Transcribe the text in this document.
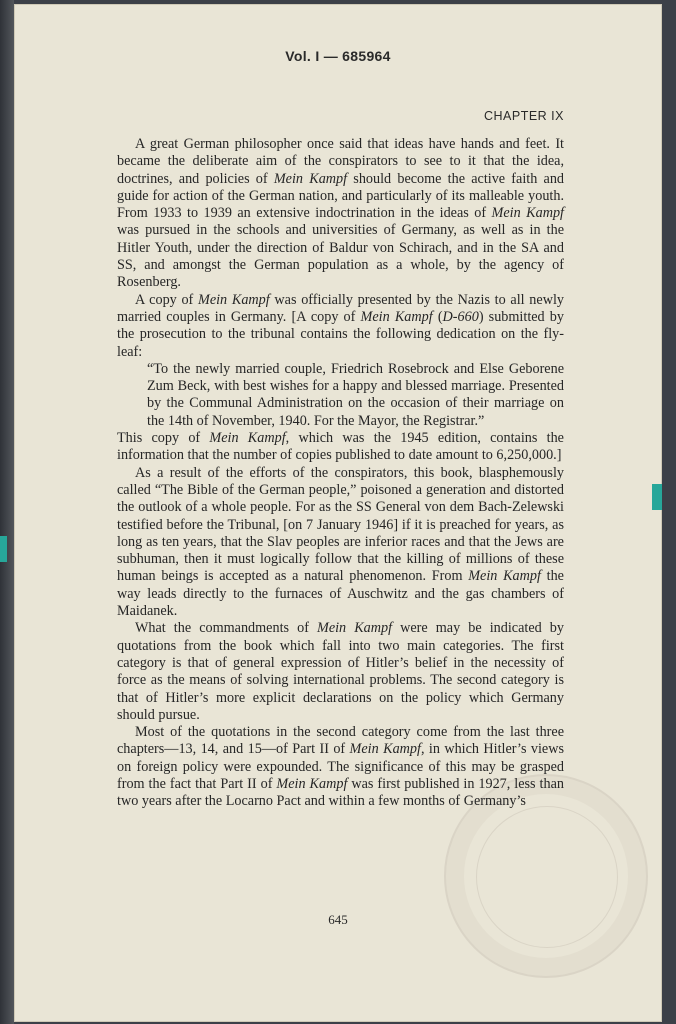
Vol. I — 685964
CHAPTER IX

A great German philosopher once said that ideas have hands and feet. It became the deliberate aim of the conspirators to see to it that the idea, doctrines, and policies of Mein Kampf should become the active faith and guide for action of the German nation, and particularly of its malleable youth. From 1933 to 1939 an extensive indoctrination in the ideas of Mein Kampf was pursued in the schools and universities of Germany, as well as in the Hitler Youth, under the direction of Baldur von Schirach, and in the SA and SS, and amongst the German population as a whole, by the agency of Rosenberg.

A copy of Mein Kampf was officially presented by the Nazis to all newly married couples in Germany. [A copy of Mein Kampf (D-660) submitted by the prosecution to the tribunal contains the following dedication on the fly-leaf:

“To the newly married couple, Friedrich Rosebrock and Else Geborene Zum Beck, with best wishes for a happy and blessed marriage. Presented by the Communal Administration on the occasion of their marriage on the 14th of November, 1940. For the Mayor, the Registrar.”

This copy of Mein Kampf, which was the 1945 edition, contains the information that the number of copies published to date amount to 6,250,000.]

As a result of the efforts of the conspirators, this book, blasphemously called “The Bible of the German people,” poisoned a generation and distorted the outlook of a whole people. For as the SS General von dem Bach-Zelewski testified before the Tribunal, [on 7 January 1946] if it is preached for years, as long as ten years, that the Slav peoples are inferior races and that the Jews are subhuman, then it must logically follow that the killing of millions of these human beings is accepted as a natural phenomenon. From Mein Kampf the way leads directly to the furnaces of Auschwitz and the gas chambers of Maidanek.

What the commandments of Mein Kampf were may be indicated by quotations from the book which fall into two main categories. The first category is that of general expression of Hitler’s belief in the necessity of force as the means of solving international problems. The second category is that of Hitler’s more explicit declarations on the policy which Germany should pursue.

Most of the quotations in the second category come from the last three chapters—13, 14, and 15—of Part II of Mein Kampf, in which Hitler’s views on foreign policy were expounded. The significance of this may be grasped from the fact that Part II of Mein Kampf was first published in 1927, less than two years after the Locarno Pact and within a few months of Germany’s

645
